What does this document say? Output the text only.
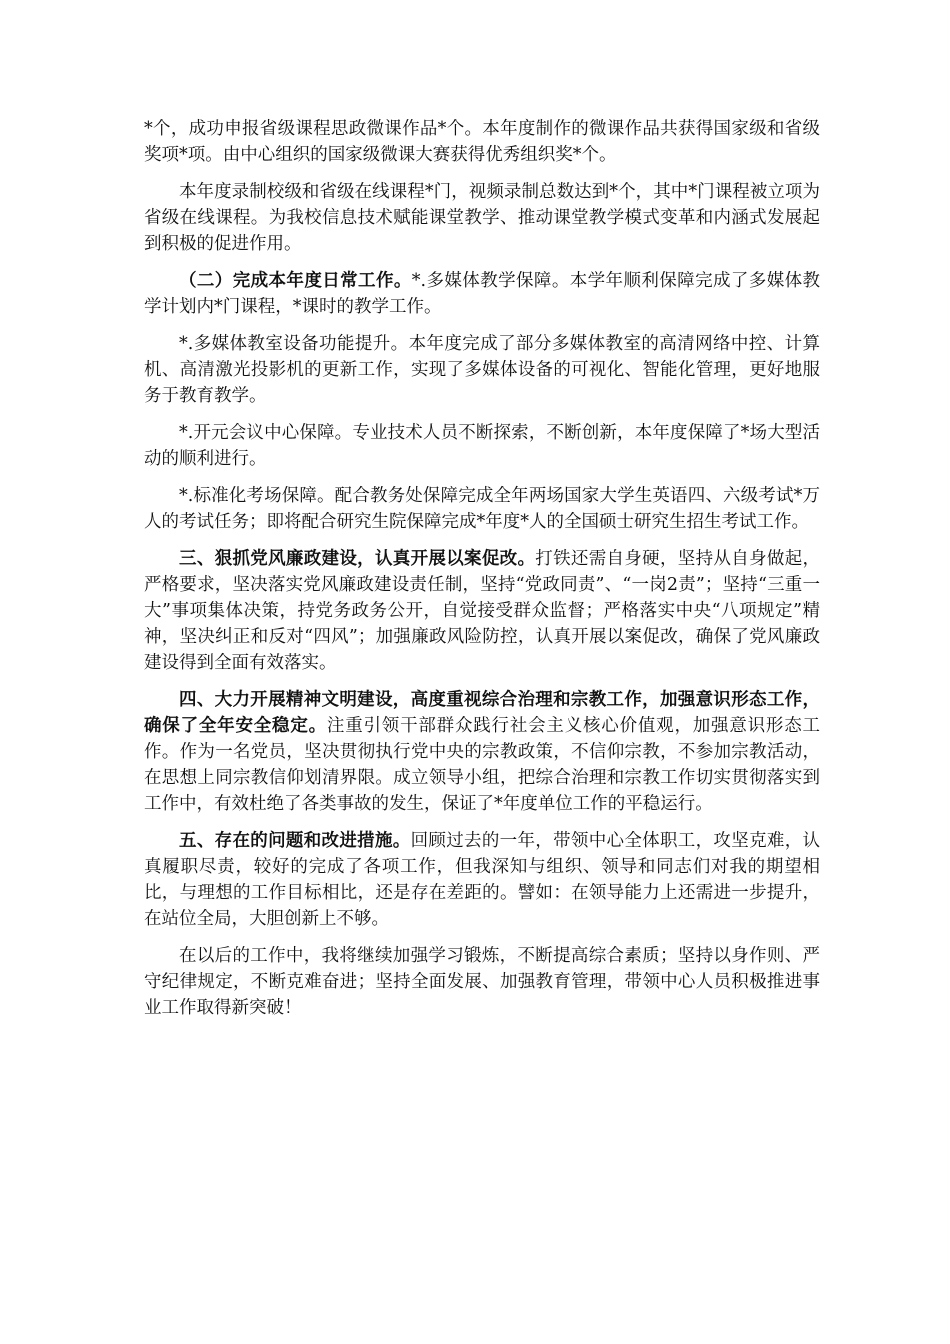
*个，成功申报省级课程思政微课作品*个。本年度制作的微课作品共获得国家级和省级奖项*项。由中心组织的国家级微课大赛获得优秀组织奖*个。

本年度录制校级和省级在线课程*门，视频录制总数达到*个，其中*门课程被立项为省级在线课程。为我校信息技术赋能课堂教学、推动课堂教学模式变革和内涵式发展起到积极的促进作用。

（二）完成本年度日常工作。*.多媒体教学保障。本学年顺利保障完成了多媒体教学计划内*门课程，*课时的教学工作。

*.多媒体教室设备功能提升。本年度完成了部分多媒体教室的高清网络中控、计算机、高清激光投影机的更新工作，实现了多媒体设备的可视化、智能化管理，更好地服务于教育教学。

*.开元会议中心保障。专业技术人员不断探索，不断创新，本年度保障了*场大型活动的顺利进行。

*.标准化考场保障。配合教务处保障完成全年两场国家大学生英语四、六级考试*万人的考试任务；即将配合研究生院保障完成*年度*人的全国硕士研究生招生考试工作。

三、狠抓党风廉政建设，认真开展以案促改。打铁还需自身硬，坚持从自身做起，严格要求，坚决落实党风廉政建设责任制，坚持“党政同责”、“一岗2责”；坚持“三重一大”事项集体决策，持党务政务公开，自觉接受群众监督；严格落实中央“八项规定”精神，坚决纠正和反对“四风”；加强廉政风险防控，认真开展以案促改，确保了党风廉政建设得到全面有效落实。

四、大力开展精神文明建设，高度重视综合治理和宗教工作，加强意识形态工作，确保了全年安全稳定。注重引领干部群众践行社会主义核心价值观，加强意识形态工作。作为一名党员，坚决贯彻执行党中央的宗教政策，不信仰宗教，不参加宗教活动，在思想上同宗教信仰划清界限。成立领导小组，把综合治理和宗教工作切实贯彻落实到工作中，有效杜绝了各类事故的发生，保证了*年度单位工作的平稳运行。

五、存在的问题和改进措施。回顾过去的一年，带领中心全体职工，攻坚克难，认真履职尽责，较好的完成了各项工作，但我深知与组织、领导和同志们对我的期望相比，与理想的工作目标相比，还是存在差距的。譬如：在领导能力上还需进一步提升，在站位全局，大胆创新上不够。

在以后的工作中，我将继续加强学习锻炼，不断提高综合素质；坚持以身作则、严守纪律规定，不断克难奋进；坚持全面发展、加强教育管理，带领中心人员积极推进事业工作取得新突破！
